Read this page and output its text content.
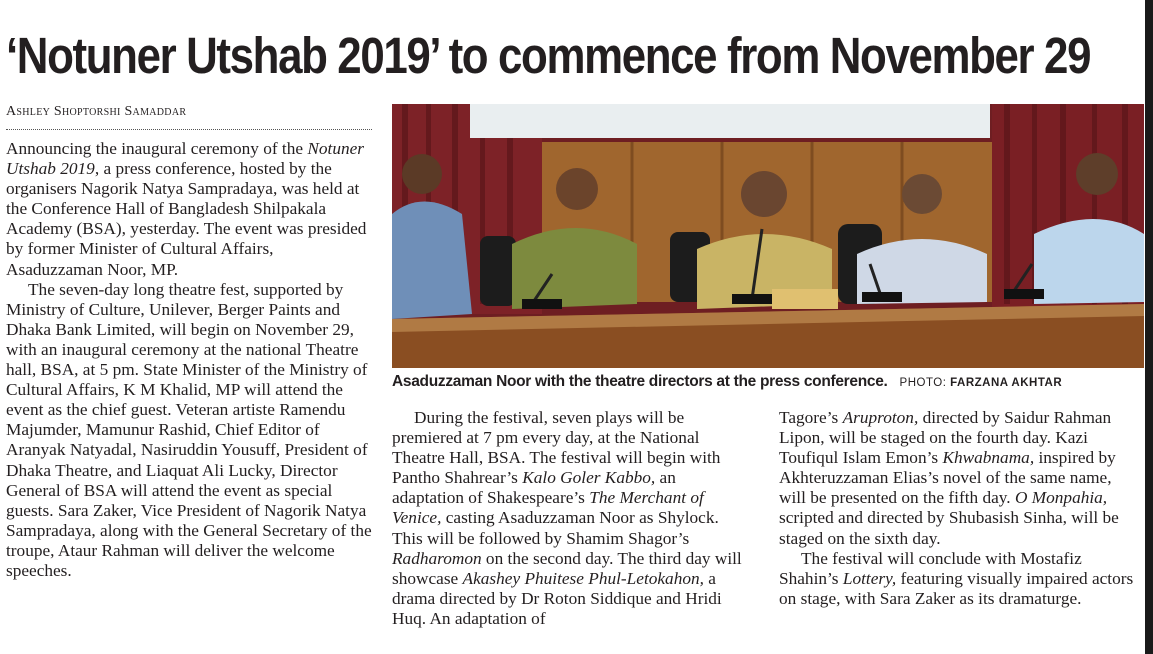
‘Notuner Utshab 2019’ to commence from November 29
Ashley Shoptorshi Samaddar

Announcing the inaugural ceremony of the Notuner Utshab 2019, a press conference, hosted by the organisers Nagorik Natya Sampradaya, was held at the Conference Hall of Bangladesh Shilpakala Academy (BSA), yesterday. The event was presided by former Minister of Cultural Affairs, Asaduzzaman Noor, MP.

The seven-day long theatre fest, supported by Ministry of Culture, Unilever, Berger Paints and Dhaka Bank Limited, will begin on November 29, with an inaugural ceremony at the national Theatre hall, BSA, at 5 pm. State Minister of the Ministry of Cultural Affairs, K M Khalid, MP will attend the event as the chief guest. Veteran artiste Ramendu Majumder, Mamunur Rashid, Chief Editor of Aranyak Natyadal, Nasiruddin Yousuff, President of Dhaka Theatre, and Liaquat Ali Lucky, Director General of BSA will attend the event as special guests. Sara Zaker, Vice President of Nagorik Natya Sampradaya, along with the General Secretary of the troupe, Ataur Rahman will deliver the welcome speeches.

Asaduzzaman Noor with the theatre directors at the press conference. PHOTO: FARZANA AKHTAR

During the festival, seven plays will be premiered at 7 pm every day, at the National Theatre Hall, BSA. The festival will begin with Pantho Shahrear’s Kalo Goler Kabbo, an adaptation of Shakespeare’s The Merchant of Venice, casting Asaduzzaman Noor as Shylock. This will be followed by Shamim Shagor’s Radharomon on the second day. The third day will showcase Akashey Phuitese Phul-Letokahon, a drama directed by Dr Roton Siddique and Hridi Huq. An adaptation of

Tagore’s Aruproton, directed by Saidur Rahman Lipon, will be staged on the fourth day. Kazi Toufiqul Islam Emon’s Khwabnama, inspired by Akhteruzzaman Elias’s novel of the same name, will be presented on the fifth day. O Monpahia, scripted and directed by Shubasish Sinha, will be staged on the sixth day.

The festival will conclude with Mostafiz Shahin’s Lottery, featuring visually impaired actors on stage, with Sara Zaker as its dramaturge.
